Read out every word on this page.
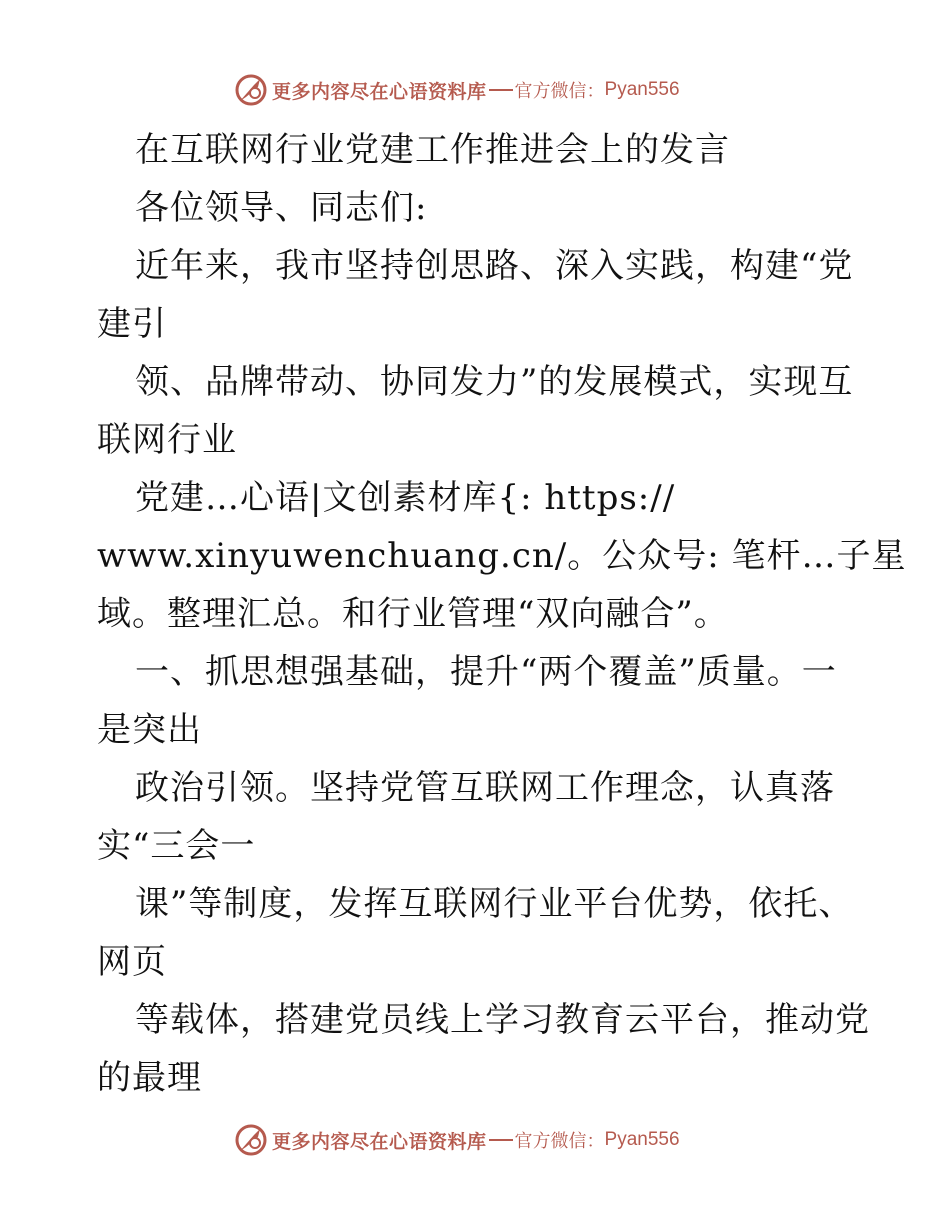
更多内容尽在心语资料库 官方微信： Pyan556
在互联网行业党建工作推进会上的发言
各位领导、同志们:
近年来，我市坚持创思路、深入实践，构建“党
建引
领、品牌带动、协同发力”的发展模式，实现互
联网行业
党建…心语|文创素材库{: https://
www.xinyuwenchuang.cn/。公众号: 笔杆…子星
域。整理汇总。和行业管理“双向融合”。
一、抓思想强基础，提升“两个覆盖”质量。一
是突出
政治引领。坚持党管互联网工作理念，认真落
实“三会一
课”等制度，发挥互联网行业平台优势，依托、
网页
等载体，搭建党员线上学习教育云平台，推动党
的最理
更多内容尽在心语资料库 官方微信： Pyan556
